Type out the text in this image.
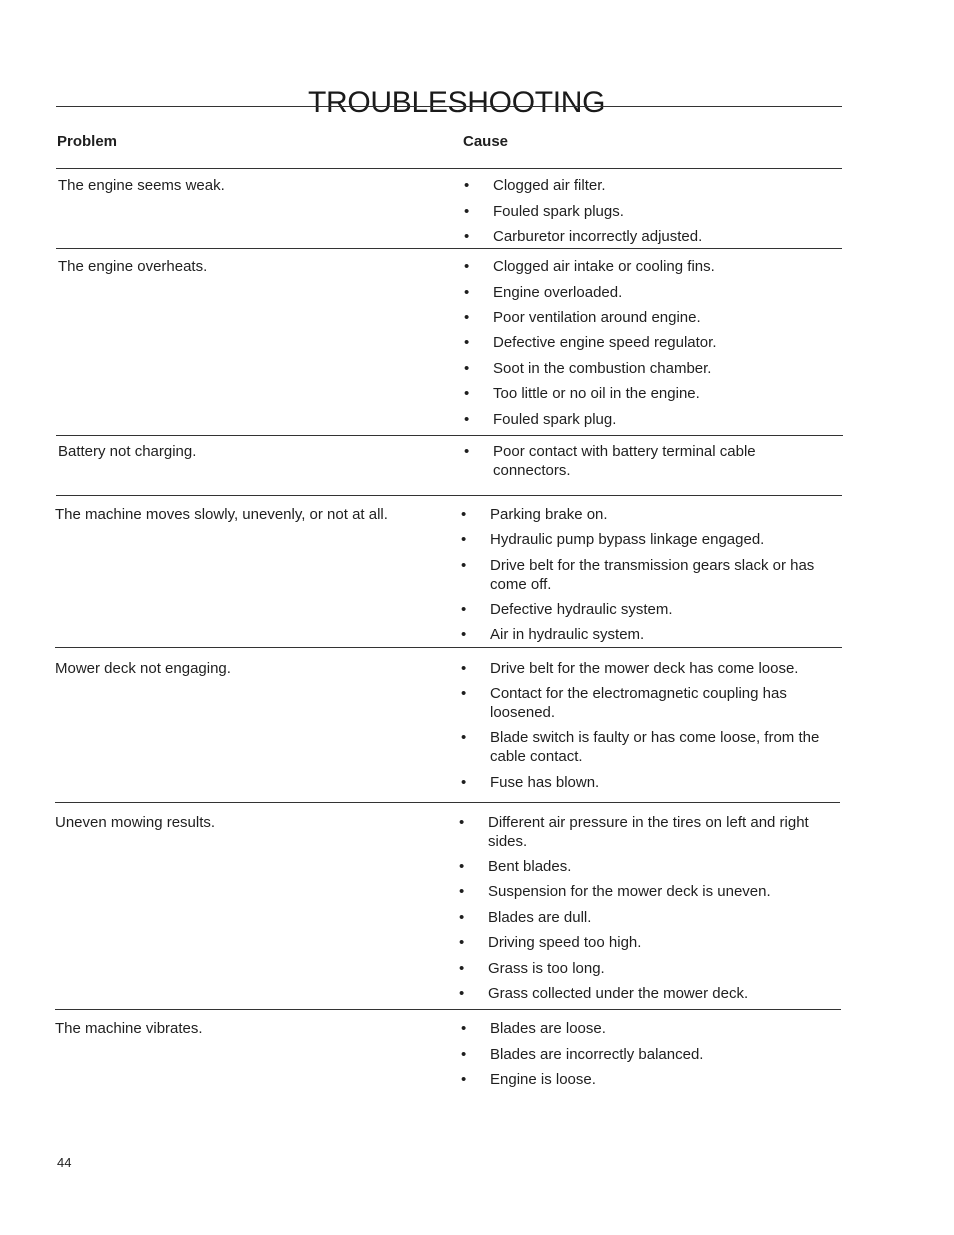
TROUBLESHOOTING
Problem	Cause

The engine seems weak.	• Clogged air filter.
• Fouled spark plugs.
• Carburetor incorrectly adjusted.

The engine overheats.	• Clogged air intake or cooling fins.
• Engine overloaded.
• Poor ventilation around engine.
• Defective engine speed regulator.
• Soot in the combustion chamber.
• Too little or no oil in the engine.
• Fouled spark plug.

Battery not charging.	• Poor contact with battery terminal cable
connectors.

The machine moves slowly, unevenly, or not at all.	• Parking brake on.
• Hydraulic pump bypass linkage engaged.
• Drive belt for the transmission gears slack or has
come off.
• Defective hydraulic system.
• Air in hydraulic system.

Mower deck not engaging.	• Drive belt for the mower deck has come loose.
• Contact for the electromagnetic coupling has
loosened.
• Blade switch is faulty or has come loose, from the
cable contact.
• Fuse has blown.

Uneven mowing results.	• Different air pressure in the tires on left and right
sides.
• Bent blades.
• Suspension for the mower deck is uneven.
• Blades are dull.
• Driving speed too high.
• Grass is too long.
• Grass collected under the mower deck.

The machine vibrates.	• Blades are loose.
• Blades are incorrectly balanced.
• Engine is loose.
44
